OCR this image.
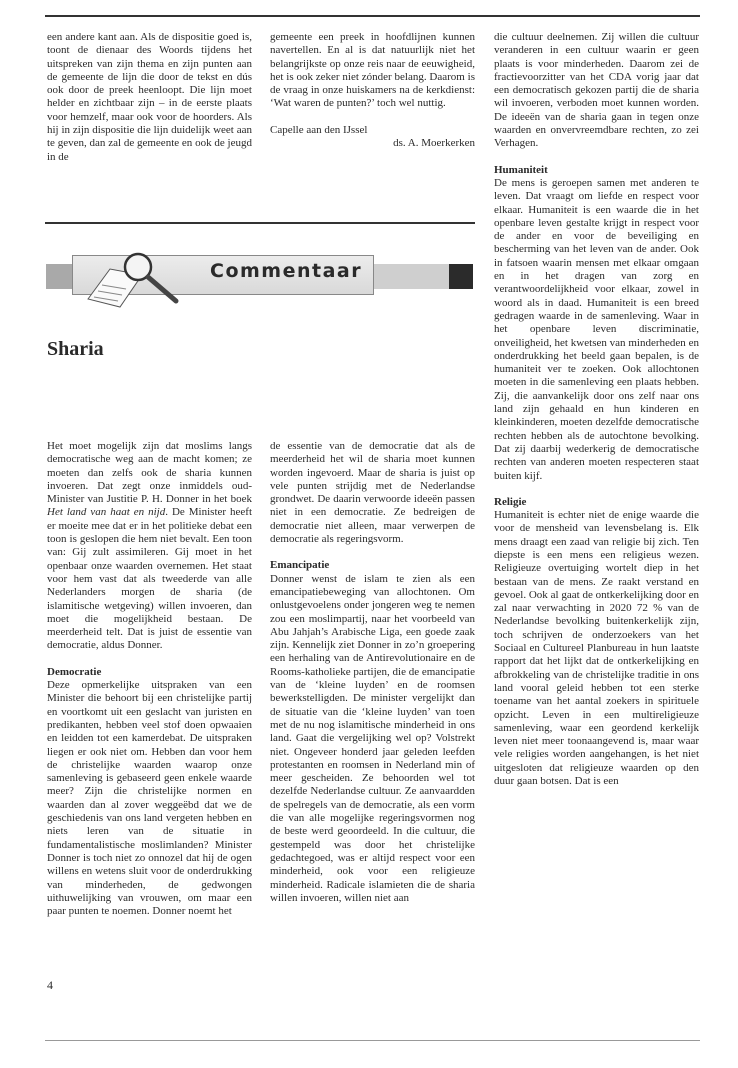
een andere kant aan. Als de dispositie goed is, toont de dienaar des Woords tijdens het uitspreken van zijn thema en zijn punten aan de gemeente de lijn die door de tekst en dús ook door de preek heenloopt. Die lijn moet helder en zichtbaar zijn – in de eerste plaats voor hemzelf, maar ook voor de hoorders. Als hij in zijn dispositie die lijn duidelijk weet aan te geven, dan zal de gemeente en ook de jeugd in de

gemeente een preek in hoofdlijnen kunnen navertellen. En al is dat natuurlijk niet het belangrijkste op onze reis naar de eeuwigheid, het is ook zeker niet zónder belang. Daarom is de vraag in onze huiskamers na de kerkdienst: ‘Wat waren de punten?’ toch wel nuttig.

Capelle aan den IJssel

ds. A. Moerkerken

Commentaar
Sharia

Het moet mogelijk zijn dat moslims langs democratische weg aan de macht komen; ze moeten dan zelfs ook de sharia kunnen invoeren. Dat zegt onze inmiddels oud-Minister van Justitie P. H. Donner in het boek Het land van haat en nijd. De Minister heeft er moeite mee dat er in het politieke debat een toon is geslopen die hem niet bevalt. Een toon van: Gij zult assimileren. Gij moet in het openbaar onze waarden overnemen. Het staat voor hem vast dat als tweederde van alle Nederlanders morgen de sharia (de islamitische wetgeving) willen invoeren, dan moet die mogelijkheid bestaan. De meerderheid telt. Dat is juist de essentie van democratie, aldus Donner.

Democratie

Deze opmerkelijke uitspraken van een Minister die behoort bij een christelijke partij en voortkomt uit een geslacht van juristen en predikanten, hebben veel stof doen opwaaien en leidden tot een kamerdebat. De uitspraken liegen er ook niet om. Hebben dan voor hem de christelijke waarden waarop onze samenleving is gebaseerd geen enkele waarde meer? Zijn die christelijke normen en waarden dan al zover weggeëbd dat we de geschiedenis van ons land vergeten hebben en niets leren van de situatie in fundamentalistische moslimlanden? Minister Donner is toch niet zo onnozel dat hij de ogen willens en wetens sluit voor de onderdrukking van minderheden, de gedwongen uithuwelijking van vrouwen, om maar een paar punten te noemen. Donner noemt het

de essentie van de democratie dat als de meerderheid het wil de sharia moet kunnen worden ingevoerd. Maar de sharia is juist op vele punten strijdig met de Nederlandse grondwet. De daarin verwoorde ideeën passen niet in een democratie. Ze bedreigen de democratie niet alleen, maar verwerpen de democratie als regeringsvorm.

Emancipatie

Donner wenst de islam te zien als een emancipatiebeweging van allochtonen. Om onlustgevoelens onder jongeren weg te nemen zou een moslimpartij, naar het voorbeeld van Abu Jahjah’s Arabische Liga, een goede zaak zijn. Kennelijk ziet Donner in zo’n groepering een herhaling van de Antirevolutionaire en de Rooms-katholieke partijen, die de emancipatie van de ‘kleine luyden’ en de roomsen bewerkstelligden. De minister vergelijkt dan de situatie van die ‘kleine luyden’ van toen met de nu nog islamitische minderheid in ons land. Gaat die vergelijking wel op? Volstrekt niet. Ongeveer honderd jaar geleden leefden protestanten en roomsen in Nederland min of meer gescheiden. Ze behoorden wel tot dezelfde Nederlandse cultuur. Ze aanvaardden de spelregels van de democratie, als een vorm die van alle mogelijke regeringsvormen nog de beste werd geoordeeld. In die cultuur, die gestempeld was door het christelijke gedachtegoed, was er altijd respect voor een minderheid, ook voor een religieuze minderheid. Radicale islamieten die de sharia willen invoeren, willen niet aan

die cultuur deelnemen. Zij willen die cultuur veranderen in een cultuur waarin er geen plaats is voor minderheden. Daarom zei de fractievoorzitter van het CDA vorig jaar dat een democratisch gekozen partij die de sharia wil invoeren, verboden moet kunnen worden. De ideeën van de sharia gaan in tegen onze waarden en onvervreemdbare rechten, zo zei Verhagen.

Humaniteit

De mens is geroepen samen met anderen te leven. Dat vraagt om liefde en respect voor elkaar. Humaniteit is een waarde die in het openbare leven gestalte krijgt in respect voor de ander en voor de beveiliging en bescherming van het leven van de ander. Ook in fatsoen waarin mensen met elkaar omgaan en in het dragen van zorg en verantwoordelijkheid voor elkaar, zowel in woord als in daad. Humaniteit is een breed gedragen waarde in de samenleving. Waar in het openbare leven discriminatie, onveiligheid, het kwetsen van minderheden en onderdrukking het beeld gaan bepalen, is de humaniteit ver te zoeken. Ook allochtonen moeten in die samenleving een plaats hebben. Zij, die aanvankelijk door ons zelf naar ons land zijn gehaald en hun kinderen en kleinkinderen, moeten dezelfde democratische rechten hebben als de autochtone bevolking. Dat zij daarbij wederkerig de democratische rechten van anderen moeten respecteren staat buiten kijf.

Religie

Humaniteit is echter niet de enige waarde die voor de mensheid van levensbelang is. Elk mens draagt een zaad van religie bij zich. Ten diepste is een mens een religieus wezen. Religieuze overtuiging wortelt diep in het bestaan van de mens. Ze raakt verstand en gevoel. Ook al gaat de ontkerkelijking door en zal naar verwachting in 2020 72 % van de Nederlandse bevolking buitenkerkelijk zijn, toch schrijven de onderzoekers van het Sociaal en Cultureel Planbureau in hun laatste rapport dat het lijkt dat de ontkerkelijking en afbrokkeling van de christelijke traditie in ons land vooral geleid hebben tot een sterke toename van het aantal zoekers in spirituele opzicht. Leven in een multireligieuze samenleving, waar een geordend kerkelijk leven niet meer toonaangevend is, maar waar vele religies worden aangehangen, is het niet uitgesloten dat religieuze waarden op den duur gaan botsen. Dat is een

4
